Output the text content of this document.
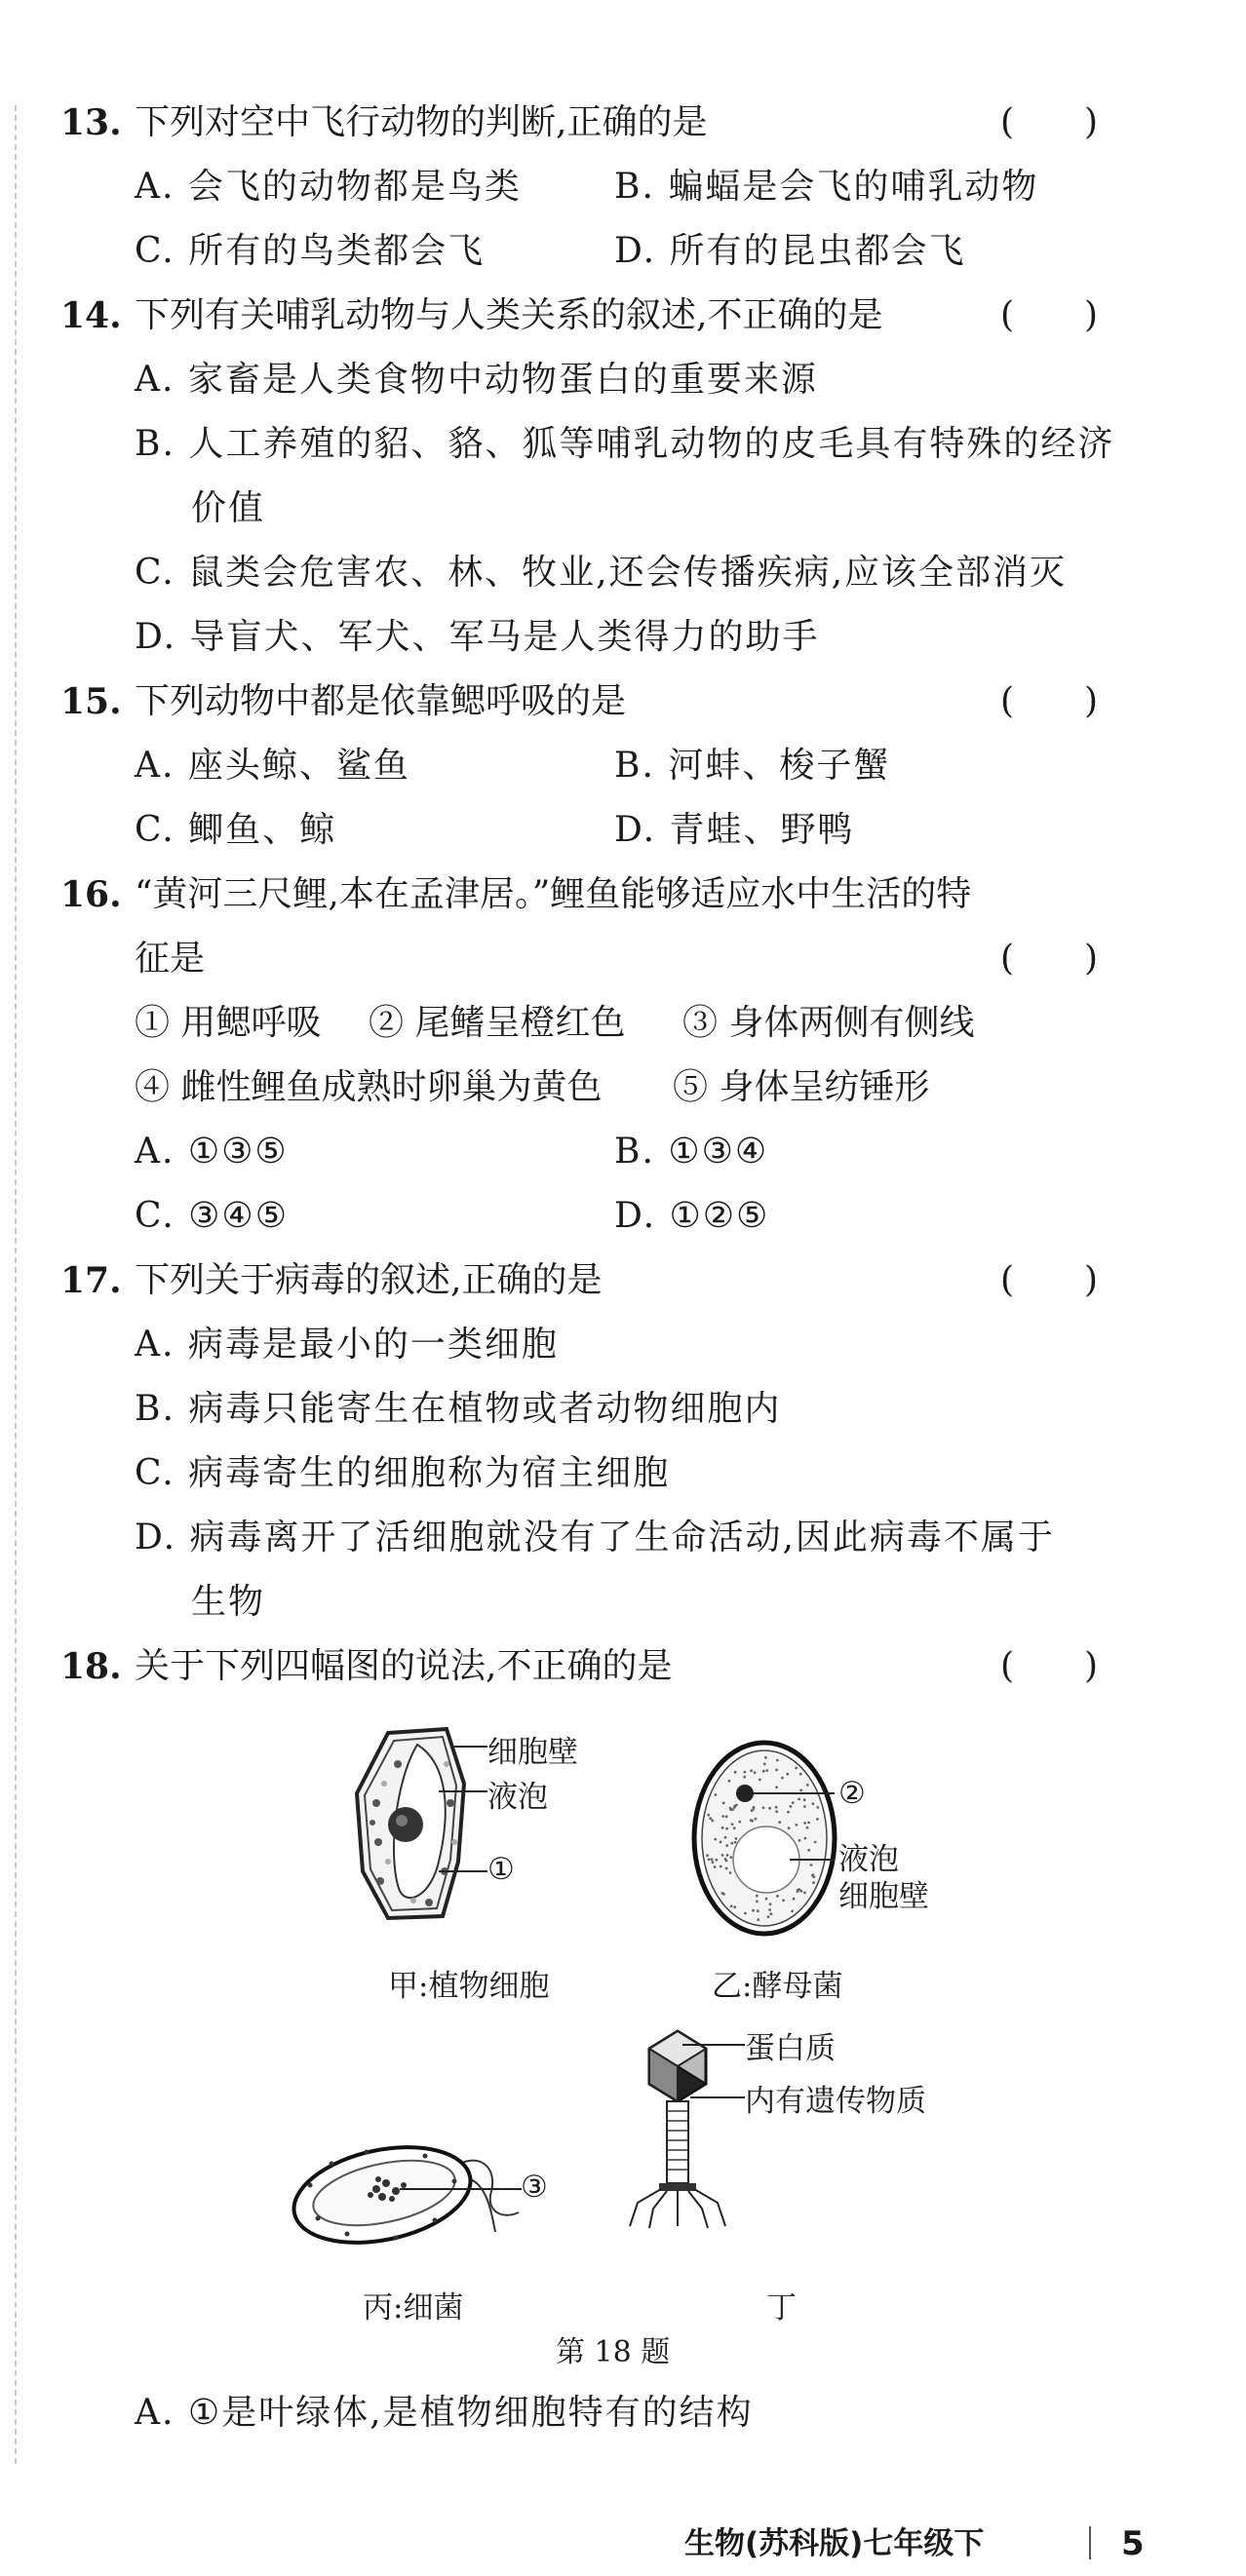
13. 下列对空中飞行动物的判断,正确的是	(　　)
A. 会飞的动物都是鸟类	B. 蝙蝠是会飞的哺乳动物
C. 所有的鸟类都会飞	D. 所有的昆虫都会飞
14. 下列有关哺乳动物与人类关系的叙述,不正确的是	(　　)
A. 家畜是人类食物中动物蛋白的重要来源
B. 人工养殖的貂、貉、狐等哺乳动物的皮毛具有特殊的经济
价值
C. 鼠类会危害农、林、牧业,还会传播疾病,应该全部消灭
D. 导盲犬、军犬、军马是人类得力的助手
15. 下列动物中都是依靠鳃呼吸的是	(　　)
A. 座头鲸、鲨鱼	B. 河蚌、梭子蟹
C. 鲫鱼、鲸	D. 青蛙、野鸭
16. “黄河三尺鲤,本在孟津居。”鲤鱼能够适应水中生活的特
征是	(　　)
① 用鳃呼吸 ② 尾鳍呈橙红色 ③ 身体两侧有侧线
④ 雌性鲤鱼成熟时卵巢为黄色 ⑤ 身体呈纺锤形
A. ①③⑤	B. ①③④
C. ③④⑤	D. ①②⑤
17. 下列关于病毒的叙述,正确的是	(　　)
A. 病毒是最小的一类细胞
B. 病毒只能寄生在植物或者动物细胞内
C. 病毒寄生的细胞称为宿主细胞
D. 病毒离开了活细胞就没有了生命活动,因此病毒不属于
生物
18. 关于下列四幅图的说法,不正确的是	(　　)
细胞壁
液泡
①
甲:植物细胞
②
液泡
细胞壁
乙:酵母菌
③
丙:细菌
蛋白质
内有遗传物质
丁
第 18 题
A. ①是叶绿体,是植物细胞特有的结构
生物(苏科版)七年级下	5
